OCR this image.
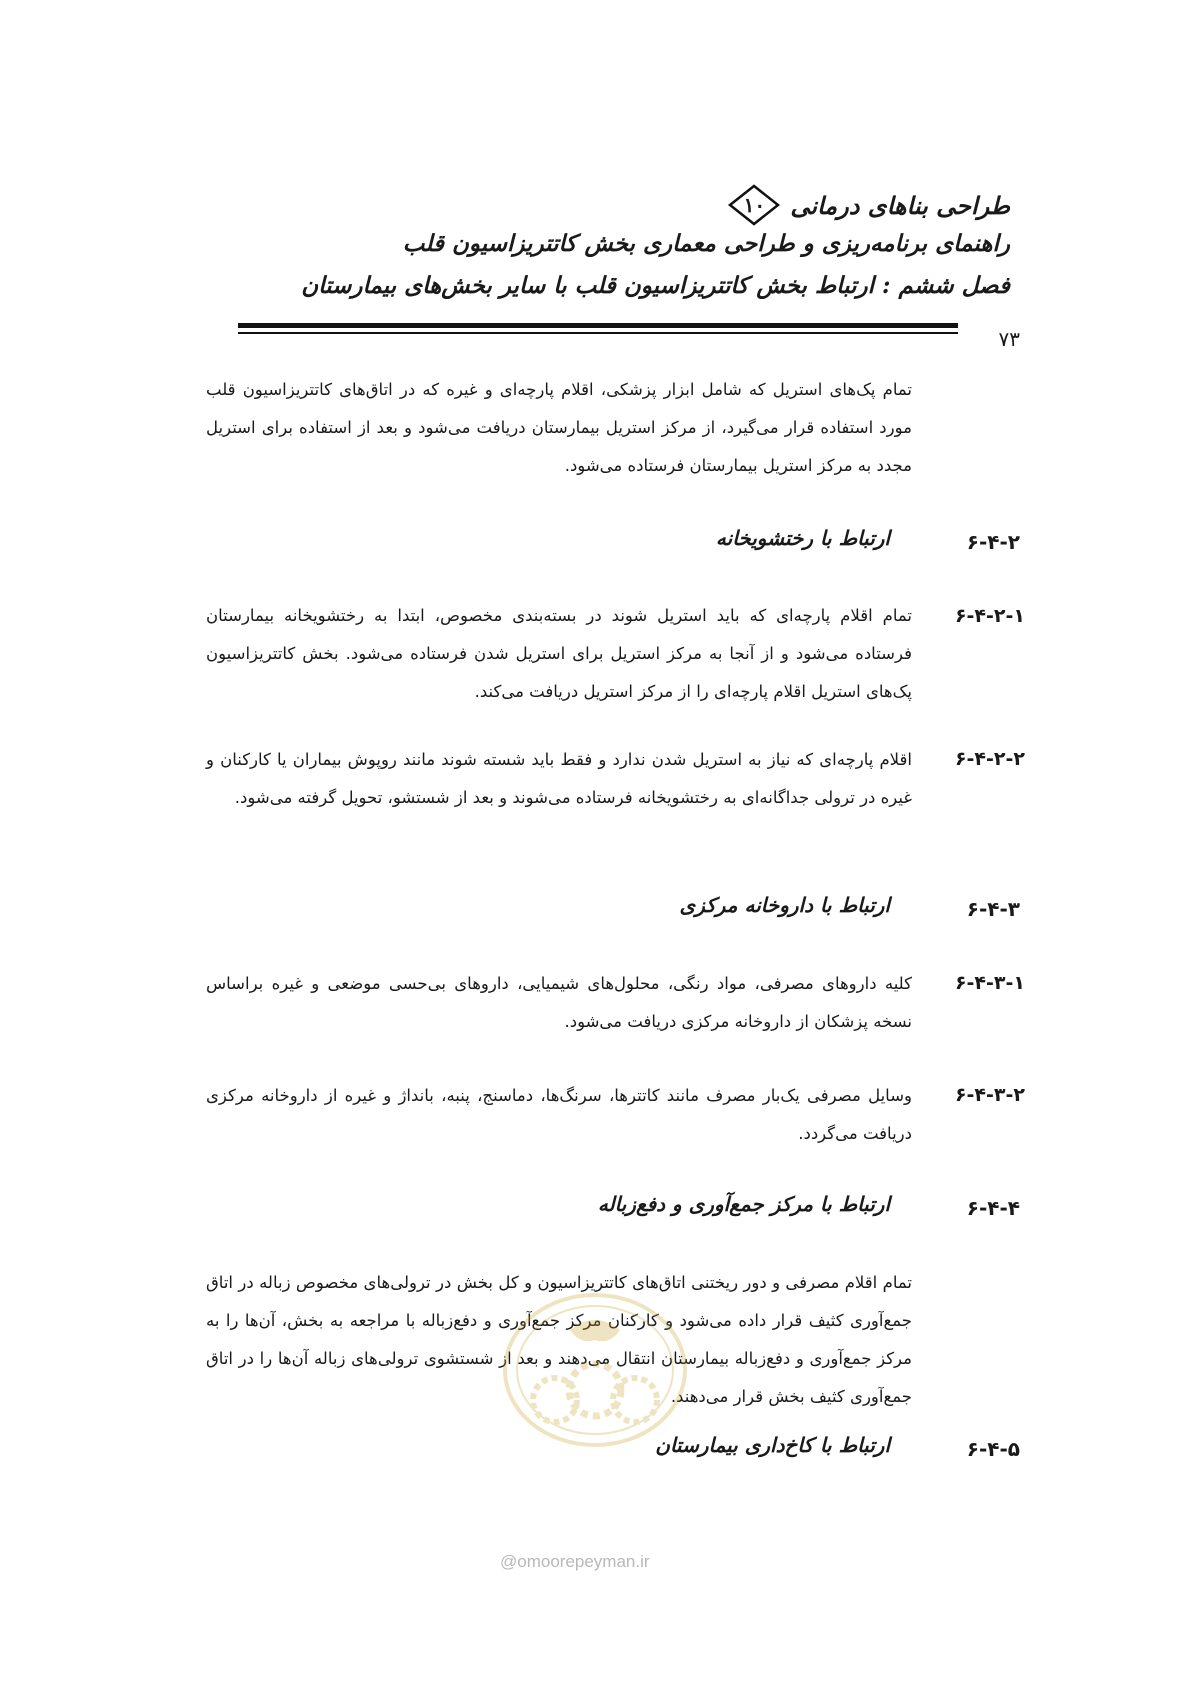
طراحی بناهای درمانی
۱۰
راهنمای برنامه‌ریزی و طراحی معماری بخش کاتتریزاسیون قلب
فصل ششم : ارتباط بخش کاتتریزاسیون قلب با سایر بخش‌های بیمارستان
۷۳
تمام پک‌های استریل که شامل ابزار پزشکی، اقلام پارچه‌ای و غیره که در اتاق‌های کاتتریزاسیون قلب مورد استفاده قرار می‌گیرد، از مرکز استریل بیمارستان دریافت می‌شود و بعد از استفاده برای استریل مجدد به مرکز استریل بیمارستان فرستاده می‌شود.
۶-۴-۲
ارتباط با رختشویخانه
۶-۴-۲-۱
تمام اقلام پارچه‌ای که باید استریل شوند در بسته‌بندی مخصوص، ابتدا به رختشویخانه بیمارستان فرستاده می‌شود و از آنجا به مرکز استریل برای استریل شدن فرستاده می‌شود. بخش کاتتریزاسیون پک‌های استریل اقلام پارچه‌ای را از مرکز استریل دریافت می‌کند.
۶-۴-۲-۲
اقلام پارچه‌ای که نیاز به استریل شدن ندارد و فقط باید شسته شوند مانند روپوش بیماران یا کارکنان و غیره در ترولی جداگانه‌ای به رختشویخانه فرستاده می‌شوند و بعد از شستشو، تحویل گرفته می‌شود.
۶-۴-۳
ارتباط با داروخانه مرکزی
۶-۴-۳-۱
کلیه داروهای مصرفی، مواد رنگی، محلول‌های شیمیایی، داروهای بی‌حسی موضعی و غیره براساس نسخه پزشکان از داروخانه مرکزی دریافت می‌شود.
۶-۴-۳-۲
وسایل مصرفی یک‌بار مصرف مانند کاتترها، سرنگ‌ها، دماسنج، پنبه، بانداژ و غیره از داروخانه مرکزی دریافت می‌گردد.
۶-۴-۴
ارتباط با مرکز جمع‌آوری و دفع‌زباله
تمام اقلام مصرفی و دور ریختنی اتاق‌های کاتتریزاسیون و کل بخش در ترولی‌های مخصوص زباله در اتاق جمع‌آوری کثیف قرار داده می‌شود و کارکنان مرکز جمع‌آوری و دفع‌زباله با مراجعه به بخش، آن‌ها را به مرکز جمع‌آوری و دفع‌زباله بیمارستان انتقال می‌دهند و بعد از شستشوی ترولی‌های زباله آن‌ها را در اتاق جمع‌آوری کثیف بخش قرار می‌دهند.
۶-۴-۵
ارتباط با کاخ‌داری بیمارستان
@omoorepeyman.ir
